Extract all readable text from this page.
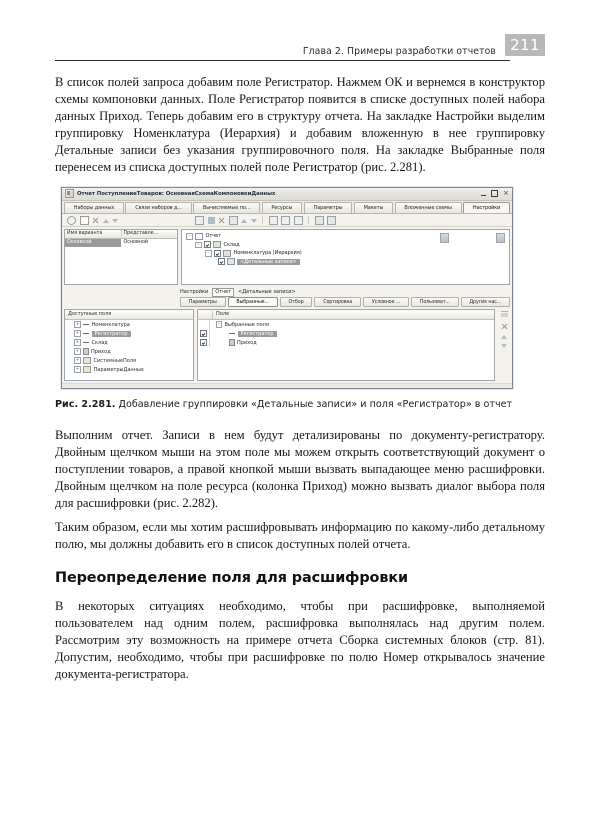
Глава 2. Примеры разработки отчетов 211

В список полей запроса добавим поле Регистратор. Нажмем ОК и вернемся в конструктор схемы компоновки данных. Поле Регистратор появится в списке доступных полей набора данных Приход. Теперь добавим его в структуру отчета. На закладке Настройки выделим группировку Номенклатура (Иерархия) и добавим вложенную в нее группировку Детальные записи без указания группировочного поля. На закладке Выбранные поля перенесем из списка доступных полей поле Регистратор (рис. 2.281).

Отчет ПоступлениеТоваров: ОсновнаяСхемаКомпоновкиДанных	×
Наборы данных	Связи наборов д...	Вычисляемые по...	Ресурсы	Параметры	Макеты	Вложенные схемы	Настройки
Имя варианта	Представле...
Основной	Основной
–	Отчет
–	Склад
–	Номенклатура (Иерархия)
<Детальные записи>
Настройки	Отчет	<Детальные записи>
Параметры	Выбранные...	Отбор	Сортировка	Условное ...	Пользоват...	Другие нас...
Доступные поля
+	Номенклатура
+	Регистратор
+	Склад
+	Приход
+	СистемныеПоля
+	ПараметрыДанных
Поле
– Выбранные поля
Регистратор
Приход

Рис. 2.281. Добавление группировки «Детальные записи» и поля «Регистратор» в отчет

Выполним отчет. Записи в нем будут детализированы по документу-регистратору. Двойным щелчком мыши на этом поле мы можем открыть соответствующий документ о поступлении товаров, а правой кнопкой мыши вызвать выпадающее меню расшифровки. Двойным щелчком на поле ресурса (колонка Приход) можно вызвать диалог выбора поля для расшифровки (рис. 2.282).

Таким образом, если мы хотим расшифровывать информацию по какому-либо детальному полю, мы должны добавить его в список доступных полей отчета.

Переопределение поля для расшифровки

В некоторых ситуациях необходимо, чтобы при расшифровке, выполняемой пользователем над одним полем, расшифровка выполнялась над другим полем. Рассмотрим эту возможность на примере отчета Сборка системных блоков (стр. 81). Допустим, необходимо, чтобы при расшифровке по полю Номер открывалось значение документа-регистратора.
